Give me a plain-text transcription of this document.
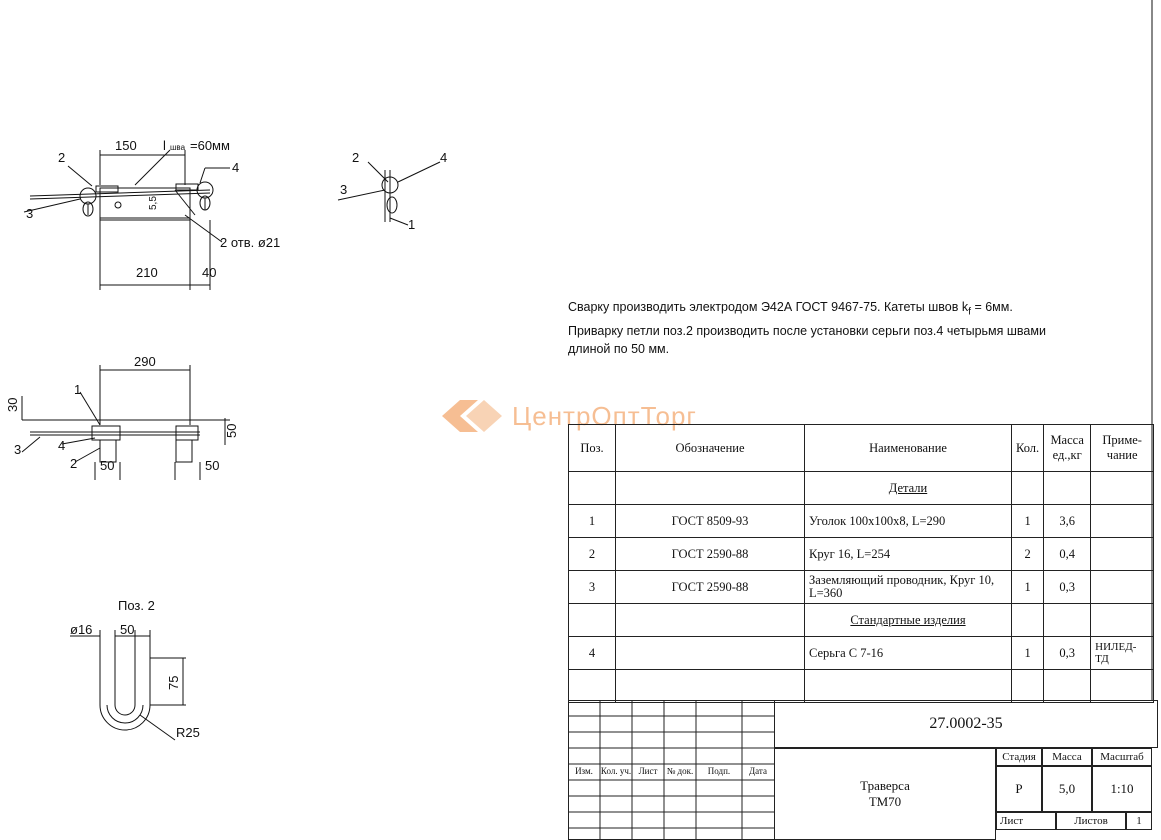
150 l шва =60мм
2
4
3
5,5
2 отв. ø21
210	40
2	4
3
1
290
30
50
1
3	4
2 50	50
Поз. 2
ø16 50
75
R25
Сварку производить электродом Э42А ГОСТ 9467-75. Катеты швов $k_f = 6мм$.
Приварку петли поз.2 производить после установки серьги поз.4 четырьмя швами
длиной по 50 мм.
ЦентрОптТорг
Поз.	Обозначение	Наименование	Кол.	Масса ед.,кг	Приме-чание
		Детали			
1	ГОСТ 8509-93	Уголок 100х100х8, L=290	1	3,6	
2	ГОСТ 2590-88	Круг 16, L=254	2	0,4	
3	ГОСТ 2590-88	Заземляющий проводник, Круг 10, L=360	1	0,3	
		Стандартные изделия			
4		Серьга С 7-16	1	0,3	НИЛЕД-ТД

Изм. Кол. уч. Лист	№ док.	Подп.	Дата
27.0002-35
Траверса
ТМ70
Стадия	Масса	Масштаб
Р	5,0	1:10
Лист	Листов	1
